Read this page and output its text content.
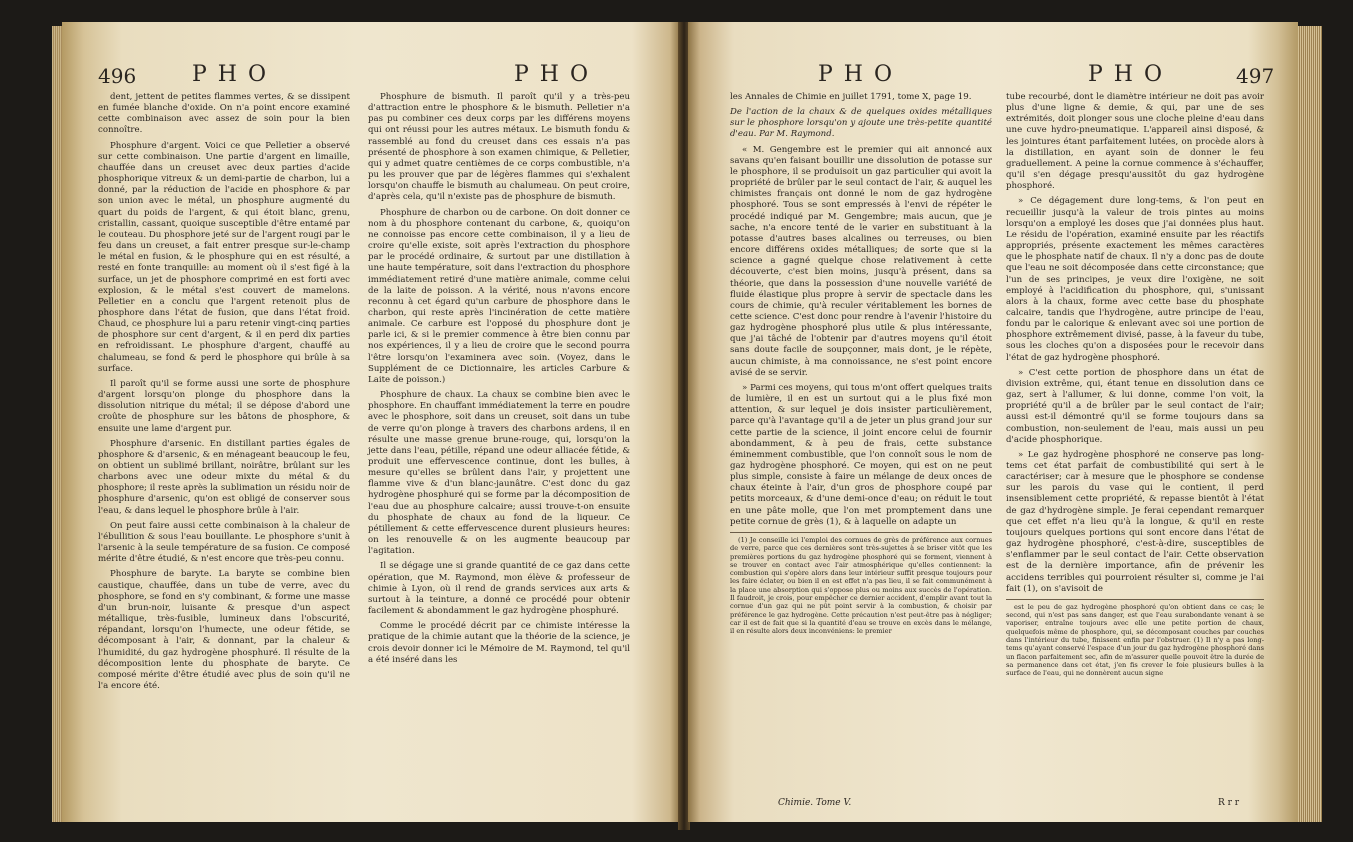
496	P H O	P H O

dent, jettent de petites flammes vertes, & se dissipent en fumée blanche d'oxide. On n'a point encore examiné cette combinaison avec assez de soin pour la bien connoître.

Phosphure d'argent. Voici ce que Pelletier a observé sur cette combinaison. Une partie d'argent en limaille, chauffée dans un creuset avec deux parties d'acide phosphorique vitreux & un demi-partie de charbon, lui a donné, par la réduction de l'acide en phosphore & par son union avec le métal, un phosphure augmenté du quart du poids de l'argent, & qui étoit blanc, grenu, cristallin, cassant, quoique susceptible d'être entamé par le couteau. Du phosphore jeté sur de l'argent rougi par le feu dans un creuset, a fait entrer presque sur-le-champ le métal en fusion, & le phosphure qui en est résulté, a resté en fonte tranquille: au moment où il s'est figé à la surface, un jet de phosphore comprimé en est forti avec explosion, & le métal s'est couvert de mamelons. Pelletier en a conclu que l'argent retenoit plus de phosphore dans l'état de fusion, que dans l'état froid. Chaud, ce phosphure lui a paru retenir vingt-cinq parties de phosphore sur cent d'argent, & il en perd dix parties en refroidissant. Le phosphure d'argent, chauffé au chalumeau, se fond & perd le phosphore qui brûle à sa surface.

Il paroît qu'il se forme aussi une sorte de phosphure d'argent lorsqu'on plonge du phosphore dans la dissolution nitrique du métal; il se dépose d'abord une croûte de phosphure sur les bâtons de phosphore, & ensuite une lame d'argent pur.

Phosphure d'arsenic. En distillant parties égales de phosphore & d'arsenic, & en ménageant beaucoup le feu, on obtient un sublimé brillant, noirâtre, brûlant sur les charbons avec une odeur mixte du métal & du phosphore; il reste après la sublimation un résidu noir de phosphure d'arsenic, qu'on est obligé de conserver sous l'eau, & dans lequel le phosphore brûle à l'air.

On peut faire aussi cette combinaison à la chaleur de l'ébullition & sous l'eau bouillante. Le phosphore s'unit à l'arsenic à la seule température de sa fusion. Ce composé mérite d'être étudié, & n'est encore que très-peu connu.

Phosphure de baryte. La baryte se combine bien caustique, chauffée, dans un tube de verre, avec du phosphore, se fond en s'y combinant, & forme une masse d'un brun-noir, luisante & presque d'un aspect métallique, très-fusible, lumineux dans l'obscurité, répandant, lorsqu'on l'humecte, une odeur fétide, se décomposant à l'air, & donnant, par la chaleur & l'humidité, du gaz hydrogène phosphuré. Il résulte de la décomposition lente du phosphate de baryte. Ce composé mérite d'être étudié avec plus de soin qu'il ne l'a encore été.

Phosphure de bismuth. Il paroît qu'il y a très-peu d'attraction entre le phosphore & le bismuth. Pelletier n'a pas pu combiner ces deux corps par les différens moyens qui ont réussi pour les autres métaux. Le bismuth fondu & rassemblé au fond du creuset dans ces essais n'a pas présenté de phosphore à son examen chimique, & Pelletier, qui y admet quatre centièmes de ce corps combustible, n'a pu les prouver que par de légères flammes qui s'exhalent lorsqu'on chauffe le bismuth au chalumeau. On peut croire, d'après cela, qu'il n'existe pas de phosphure de bismuth.

Phosphure de charbon ou de carbone. On doit donner ce nom à du phosphore contenant du carbone, &, quoiqu'on ne connoisse pas encore cette combinaison, il y a lieu de croire qu'elle existe, soit après l'extraction du phosphore par le procédé ordinaire, & surtout par une distillation à une haute température, soit dans l'extraction du phosphore immédiatement retiré d'une matière animale, comme celui de la laite de poisson. A la vérité, nous n'avons encore reconnu à cet égard qu'un carbure de phosphore dans le charbon, qui reste après l'incinération de cette matière animale. Ce carbure est l'opposé du phosphure dont je parle ici, & si le premier commence à être bien connu par nos expériences, il y a lieu de croire que le second pourra l'être lorsqu'on l'examinera avec soin. (Voyez, dans le Supplément de ce Dictionnaire, les articles Carbure & Laite de poisson.)

Phosphure de chaux. La chaux se combine bien avec le phosphore. En chauffant immédiatement la terre en poudre avec le phosphore, soit dans un creuset, soit dans un tube de verre qu'on plonge à travers des charbons ardens, il en résulte une masse grenue brune-rouge, qui, lorsqu'on la jette dans l'eau, pétille, répand une odeur alliacée fétide, & produit une effervescence continue, dont les bulles, à mesure qu'elles se brûlent dans l'air, y projettent une flamme vive & d'un blanc-jaunâtre. C'est donc du gaz hydrogène phosphuré qui se forme par la décomposition de l'eau due au phosphure calcaire; aussi trouve-t-on ensuite du phosphate de chaux au fond de la liqueur. Ce pétillement & cette effervescence durent plusieurs heures: on les renouvelle & on les augmente beaucoup par l'agitation.

Il se dégage une si grande quantité de ce gaz dans cette opération, que M. Raymond, mon élève & professeur de chimie à Lyon, où il rend de grands services aux arts & surtout à la teinture, a donné ce procédé pour obtenir facilement & abondamment le gaz hydrogène phosphuré.

Comme le procédé décrit par ce chimiste intéresse la pratique de la chimie autant que la théorie de la science, je crois devoir donner ici le Mémoire de M. Raymond, tel qu'il a été inséré dans les

P H O	P H O	497

les Annales de Chimie en juillet 1791, tome X, page 19.

De l'action de la chaux & de quelques oxides métalliques sur le phosphore lorsqu'on y ajoute une très-petite quantité d'eau. Par M. Raymond.

« M. Gengembre est le premier qui ait annoncé aux savans qu'en faisant bouillir une dissolution de potasse sur le phosphore, il se produisoit un gaz particulier qui avoit la propriété de brûler par le seul contact de l'air, & auquel les chimistes français ont donné le nom de gaz hydrogène phosphoré. Tous se sont empressés à l'envi de répéter le procédé indiqué par M. Gengembre; mais aucun, que je sache, n'a encore tenté de le varier en substituant à la potasse d'autres bases alcalines ou terreuses, ou bien encore différens oxides métalliques; de sorte que si la science a gagné quelque chose relativement à cette découverte, c'est bien moins, jusqu'à présent, dans sa théorie, que dans la possession d'une nouvelle variété de fluide élastique plus propre à servir de spectacle dans les cours de chimie, qu'à reculer véritablement les bornes de cette science. C'est donc pour rendre à l'avenir l'histoire du gaz hydrogène phosphoré plus utile & plus intéressante, que j'ai tâché de l'obtenir par d'autres moyens qu'il étoit sans doute facile de soupçonner, mais dont, je le répète, aucun chimiste, à ma connoissance, ne s'est point encore avisé de se servir.

» Parmi ces moyens, qui tous m'ont offert quelques traits de lumière, il en est un surtout qui a le plus fixé mon attention, & sur lequel je dois insister particulièrement, parce qu'à l'avantage qu'il a de jeter un plus grand jour sur cette partie de la science, il joint encore celui de fournir abondamment, & à peu de frais, cette substance éminemment combustible, que l'on connoît sous le nom de gaz hydrogène phosphoré. Ce moyen, qui est on ne peut plus simple, consiste à faire un mélange de deux onces de chaux éteinte à l'air, d'un gros de phosphore coupé par petits morceaux, & d'une demi-once d'eau; on réduit le tout en une pâte molle, que l'on met promptement dans une petite cornue de grès (1), & à laquelle on adapte un

(1) Je conseille ici l'emploi des cornues de grès de préférence aux cornues de verre, parce que ces dernières sont très-sujettes à se briser vitôt que les premières portions du gaz hydrogène phosphoré qui se forment, viennent à se trouver en contact avec l'air atmosphérique qu'elles contiennent: la combustion qui s'opère alors dans leur intérieur suffit presque toujours pour les faire éclater, ou bien il en est effet n'a pas lieu, il se fait communément à la place une absorption qui s'oppose plus ou moins aux succès de l'opération. Il faudroit, je crois, pour empêcher ce dernier accident, d'emplir avant tout la cornue d'un gaz qui ne pût point servir à la combustion, & choisir par préférence le gaz hydrogène. Cette précaution n'est peut-être pas à négliger; car il est de fait que si la quantité d'eau se trouve en excès dans le mélange, il en résulte alors deux inconvéniens: le premier

tube recourbé, dont le diamètre intérieur ne doit pas avoir plus d'une ligne & demie, & qui, par une de ses extrémités, doit plonger sous une cloche pleine d'eau dans une cuve hydro-pneumatique. L'appareil ainsi disposé, & les jointures étant parfaitement lutées, on procède alors à la distillation, en ayant soin de donner le feu graduellement. A peine la cornue commence à s'échauffer, qu'il s'en dégage presqu'aussitôt du gaz hydrogène phosphoré.

» Ce dégagement dure long-tems, & l'on peut en recueillir jusqu'à la valeur de trois pintes au moins lorsqu'on a employé les doses que j'ai données plus haut. Le résidu de l'opération, examiné ensuite par les réactifs appropriés, présente exactement les mêmes caractères que le phosphate natif de chaux. Il n'y a donc pas de doute que l'eau ne soit décomposée dans cette circonstance; que l'un de ses principes, je veux dire l'oxigène, ne soit employé à l'acidification du phosphore, qui, s'unissant alors à la chaux, forme avec cette base du phosphate calcaire, tandis que l'hydrogène, autre principe de l'eau, fondu par le calorique & enlevant avec soi une portion de phosphore extrêmement divisé, passe, à la faveur du tube, sous les cloches qu'on a disposées pour le recevoir dans l'état de gaz hydrogène phosphoré.

» C'est cette portion de phosphore dans un état de division extrême, qui, étant tenue en dissolution dans ce gaz, sert à l'allumer, & lui donne, comme l'on voit, la propriété qu'il a de brûler par le seul contact de l'air; aussi est-il démontré qu'il se forme toujours dans sa combustion, non-seulement de l'eau, mais aussi un peu d'acide phosphorique.

» Le gaz hydrogène phosphoré ne conserve pas long-tems cet état parfait de combustibilité qui sert à le caractériser; car à mesure que le phosphore se condense sur les parois du vase qui le contient, il perd insensiblement cette propriété, & repasse bientôt à l'état de gaz d'hydrogène simple. Je ferai cependant remarquer que cet effet n'a lieu qu'à la longue, & qu'il en reste toujours quelques portions qui sont encore dans l'état de gaz hydrogène phosphoré, c'est-à-dire, susceptibles de s'enflammer par le seul contact de l'air. Cette observation est de la dernière importance, afin de prévenir les accidens terribles qui pourroient résulter si, comme je l'ai fait (1), on s'avisoit de

est le peu de gaz hydrogène phosphoré qu'on obtient dans ce cas; le second, qui n'est pas sans danger, est que l'eau surabondante venant à se vaporiser, entraîne toujours avec elle une petite portion de chaux, quelquefois même de phosphore, qui, se décomposant couches par couches dans l'intérieur du tube, finissent enfin par l'obstruer. (1) Il n'y a pas long-tems qu'ayant conservé l'espace d'un jour du gaz hydrogène phosphoré dans un flacon parfaitement sec, afin de m'assurer quelle pouvoit être la durée de sa permanence dans cet état, j'en fis crever le foie plusieurs bulles à la surface de l'eau, qui ne donnèrent aucun signe

Chimie. Tome V.	R r r
